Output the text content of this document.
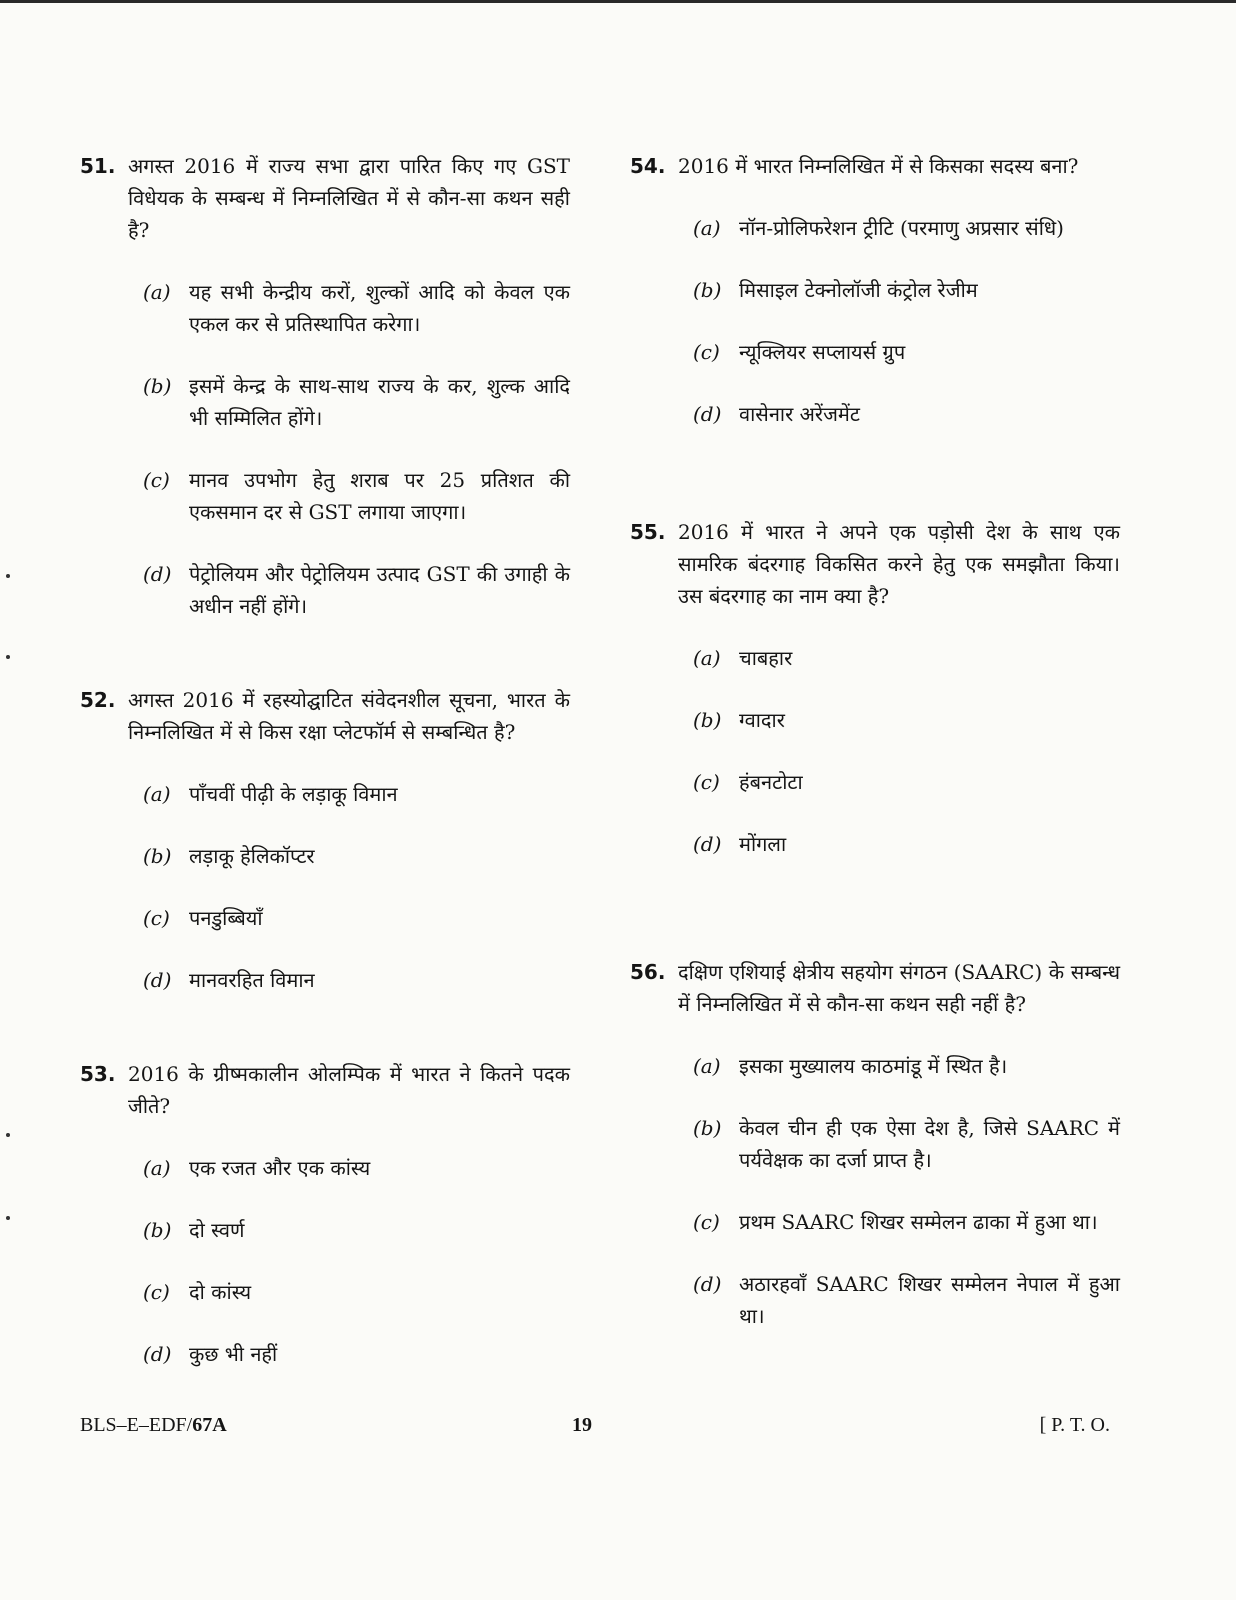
51. अगस्त 2016 में राज्य सभा द्वारा पारित किए गए GST विधेयक के सम्बन्ध में निम्नलिखित में से कौन-सा कथन सही है?
(a) यह सभी केन्द्रीय करों, शुल्कों आदि को केवल एक एकल कर से प्रतिस्थापित करेगा।
(b) इसमें केन्द्र के साथ-साथ राज्य के कर, शुल्क आदि भी सम्मिलित होंगे।
(c) मानव उपभोग हेतु शराब पर 25 प्रतिशत की एकसमान दर से GST लगाया जाएगा।
(d) पेट्रोलियम और पेट्रोलियम उत्पाद GST की उगाही के अधीन नहीं होंगे।
52. अगस्त 2016 में रहस्योद्घाटित संवेदनशील सूचना, भारत के निम्नलिखित में से किस रक्षा प्लेटफॉर्म से सम्बन्धित है?
(a) पाँचवीं पीढ़ी के लड़ाकू विमान
(b) लड़ाकू हेलिकॉप्टर
(c) पनडुब्बियाँ
(d) मानवरहित विमान
53. 2016 के ग्रीष्मकालीन ओलम्पिक में भारत ने कितने पदक जीते?
(a) एक रजत और एक कांस्य
(b) दो स्वर्ण
(c) दो कांस्य
(d) कुछ भी नहीं
54. 2016 में भारत निम्नलिखित में से किसका सदस्य बना?
(a) नॉन-प्रोलिफरेशन ट्रीटि (परमाणु अप्रसार संधि)
(b) मिसाइल टेक्नोलॉजी कंट्रोल रेजीम
(c) न्यूक्लियर सप्लायर्स ग्रुप
(d) वासेनार अरेंजमेंट
55. 2016 में भारत ने अपने एक पड़ोसी देश के साथ एक सामरिक बंदरगाह विकसित करने हेतु एक समझौता किया। उस बंदरगाह का नाम क्या है?
(a) चाबहार
(b) ग्वादार
(c) हंबनटोटा
(d) मोंगला
56. दक्षिण एशियाई क्षेत्रीय सहयोग संगठन (SAARC) के सम्बन्ध में निम्नलिखित में से कौन-सा कथन सही नहीं है?
(a) इसका मुख्यालय काठमांडू में स्थित है।
(b) केवल चीन ही एक ऐसा देश है, जिसे SAARC में पर्यवेक्षक का दर्जा प्राप्त है।
(c) प्रथम SAARC शिखर सम्मेलन ढाका में हुआ था।
(d) अठारहवाँ SAARC शिखर सम्मेलन नेपाल में हुआ था।
BLS–E–EDF/67A	19	[ P. T. O.
